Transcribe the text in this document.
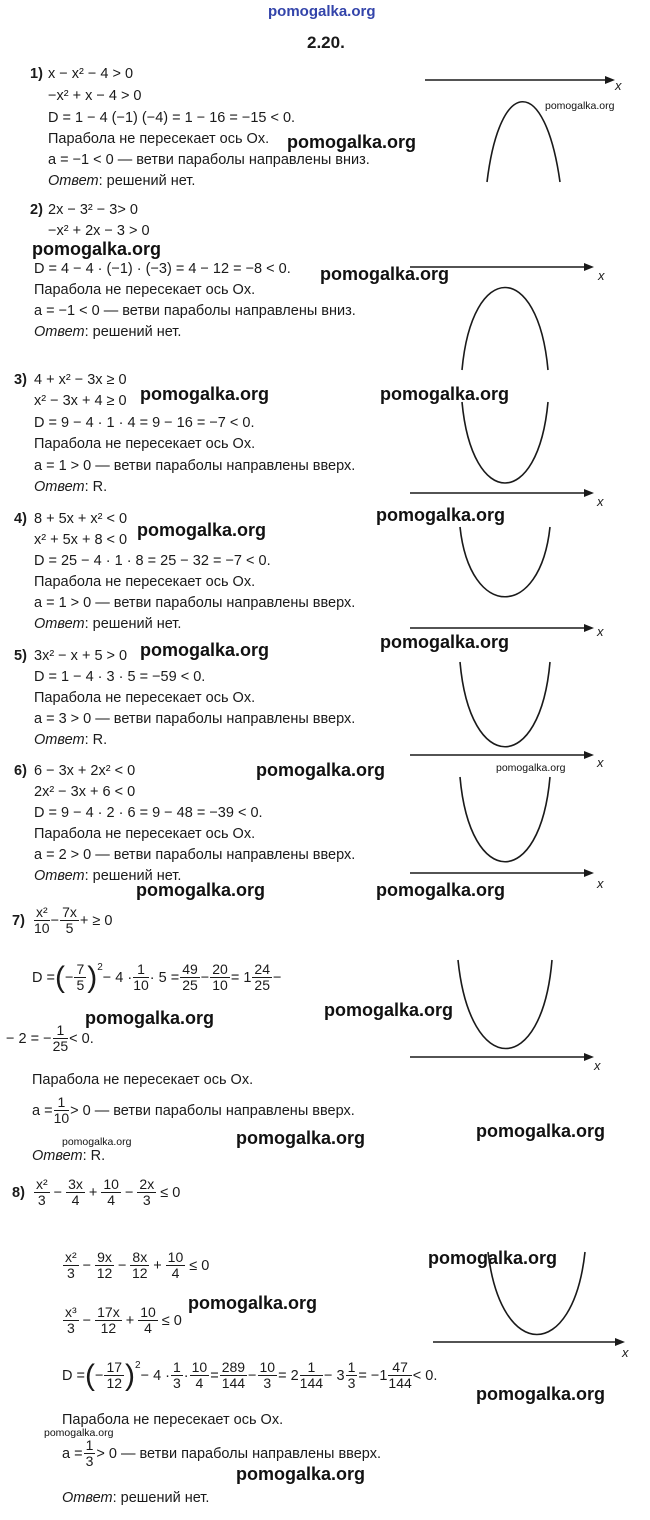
pomogalka.org
2.20.
1) x − x² − 4 > 0
−x² + x − 4 > 0
D = 1 − 4 (−1) (−4) = 1 − 16 = −15 < 0.
Парабола не пересекает ось Ox.
a = −1 < 0 — ветви параболы направлены вниз.
Ответ: решений нет.
x
pomogalka.org
pomogalka.org
2) 2x − 3² − 3> 0
−x² + 2x − 3 > 0
pomogalka.org
D = 4 − 4 · (−1) · (−3) = 4 − 12 = −8 < 0.
Парабола не пересекает ось Ox.
a = −1 < 0 — ветви параболы направлены вниз.
Ответ: решений нет.
pomogalka.org	x
3) 4 + x² − 3x ≥ 0
x² − 3x + 4 ≥ 0 pomogalka.org	pomogalka.org
D = 9 − 4 · 1 · 4 = 9 − 16 = −7 < 0.
Парабола не пересекает ось Ox.
a = 1 > 0 — ветви параболы направлены вверх.
Ответ: R.
x
4) 8 + 5x + x² < 0
pomogalka.org
pomogalka.org
x² + 5x + 8 < 0
D = 25 − 4 · 1 · 8 = 25 − 32 = −7 < 0.
Парабола не пересекает ось Ox.
a = 1 > 0 — ветви параболы направлены вверх.
Ответ: решений нет.	x
5) 3x² − x + 5 > 0 pomogalka.org	pomogalka.org
D = 1 − 4 · 3 · 5 = −59 < 0.
Парабола не пересекает ось Ox.
a = 3 > 0 — ветви параболы направлены вверх.
Ответ: R.
x
pomogalka.org
6) 6 − 3x + 2x² < 0	pomogalka.org
2x² − 3x + 6 < 0
D = 9 − 4 · 2 · 6 = 9 − 48 = −39 < 0.
Парабола не пересекает ось Ox.
a = 2 > 0 — ветви параболы направлены вверх.
Ответ: решений нет.	x
pomogalka.org	pomogalka.org
7)
$\frac{\text{x²}}{10} - \frac{7x}{5}$ + ≥ 0
D = ( − $\frac{7}{5} )^2$
− $4 \cdot \frac{1}{10} \cdot 5 = \frac{49}{25} - \frac{20}{10} = 1 \frac{24}{25}$ −
pomogalka.org	pomogalka.org
− 2 = − $\frac{1}{25} < 0$.
Парабола не пересекает ось Ox.
$a = \frac{1}{10} > 0$ — ветви параболы направлены вверх.
pomogalka.org	pomogalka.org	pomogalka.org
Ответ: R.
x
8)
$\frac{\text{x²}}{3} - \frac{3x}{4} + \frac{10}{4} - \frac{2x}{3} \le 0$
pomogalka.org
$\frac{\text{x²}}{3} - \frac{9x}{12} - \frac{8x}{12} + \frac{10}{4} \le 0$
pomogalka.org
$\frac{\text{x³}}{3} - \frac{17x}{12} + \frac{10}{4} \le 0$
x
D = ( − $\frac{17}{12} )^2$
− $4 \cdot \frac{1}{3} \cdot \frac{10}{4} = \frac{289}{144} - \frac{10}{3} = 2 \frac{1}{144} - 3 \frac{1}{3} = -1 \frac{47}{144} < 0$.
pomogalka.org
Парабола не пересекает ось Ox.
pomogalka.org
$a = \frac{1}{3} > 0$ — ветви параболы направлены вверх.
pomogalka.org
Ответ: решений нет.
